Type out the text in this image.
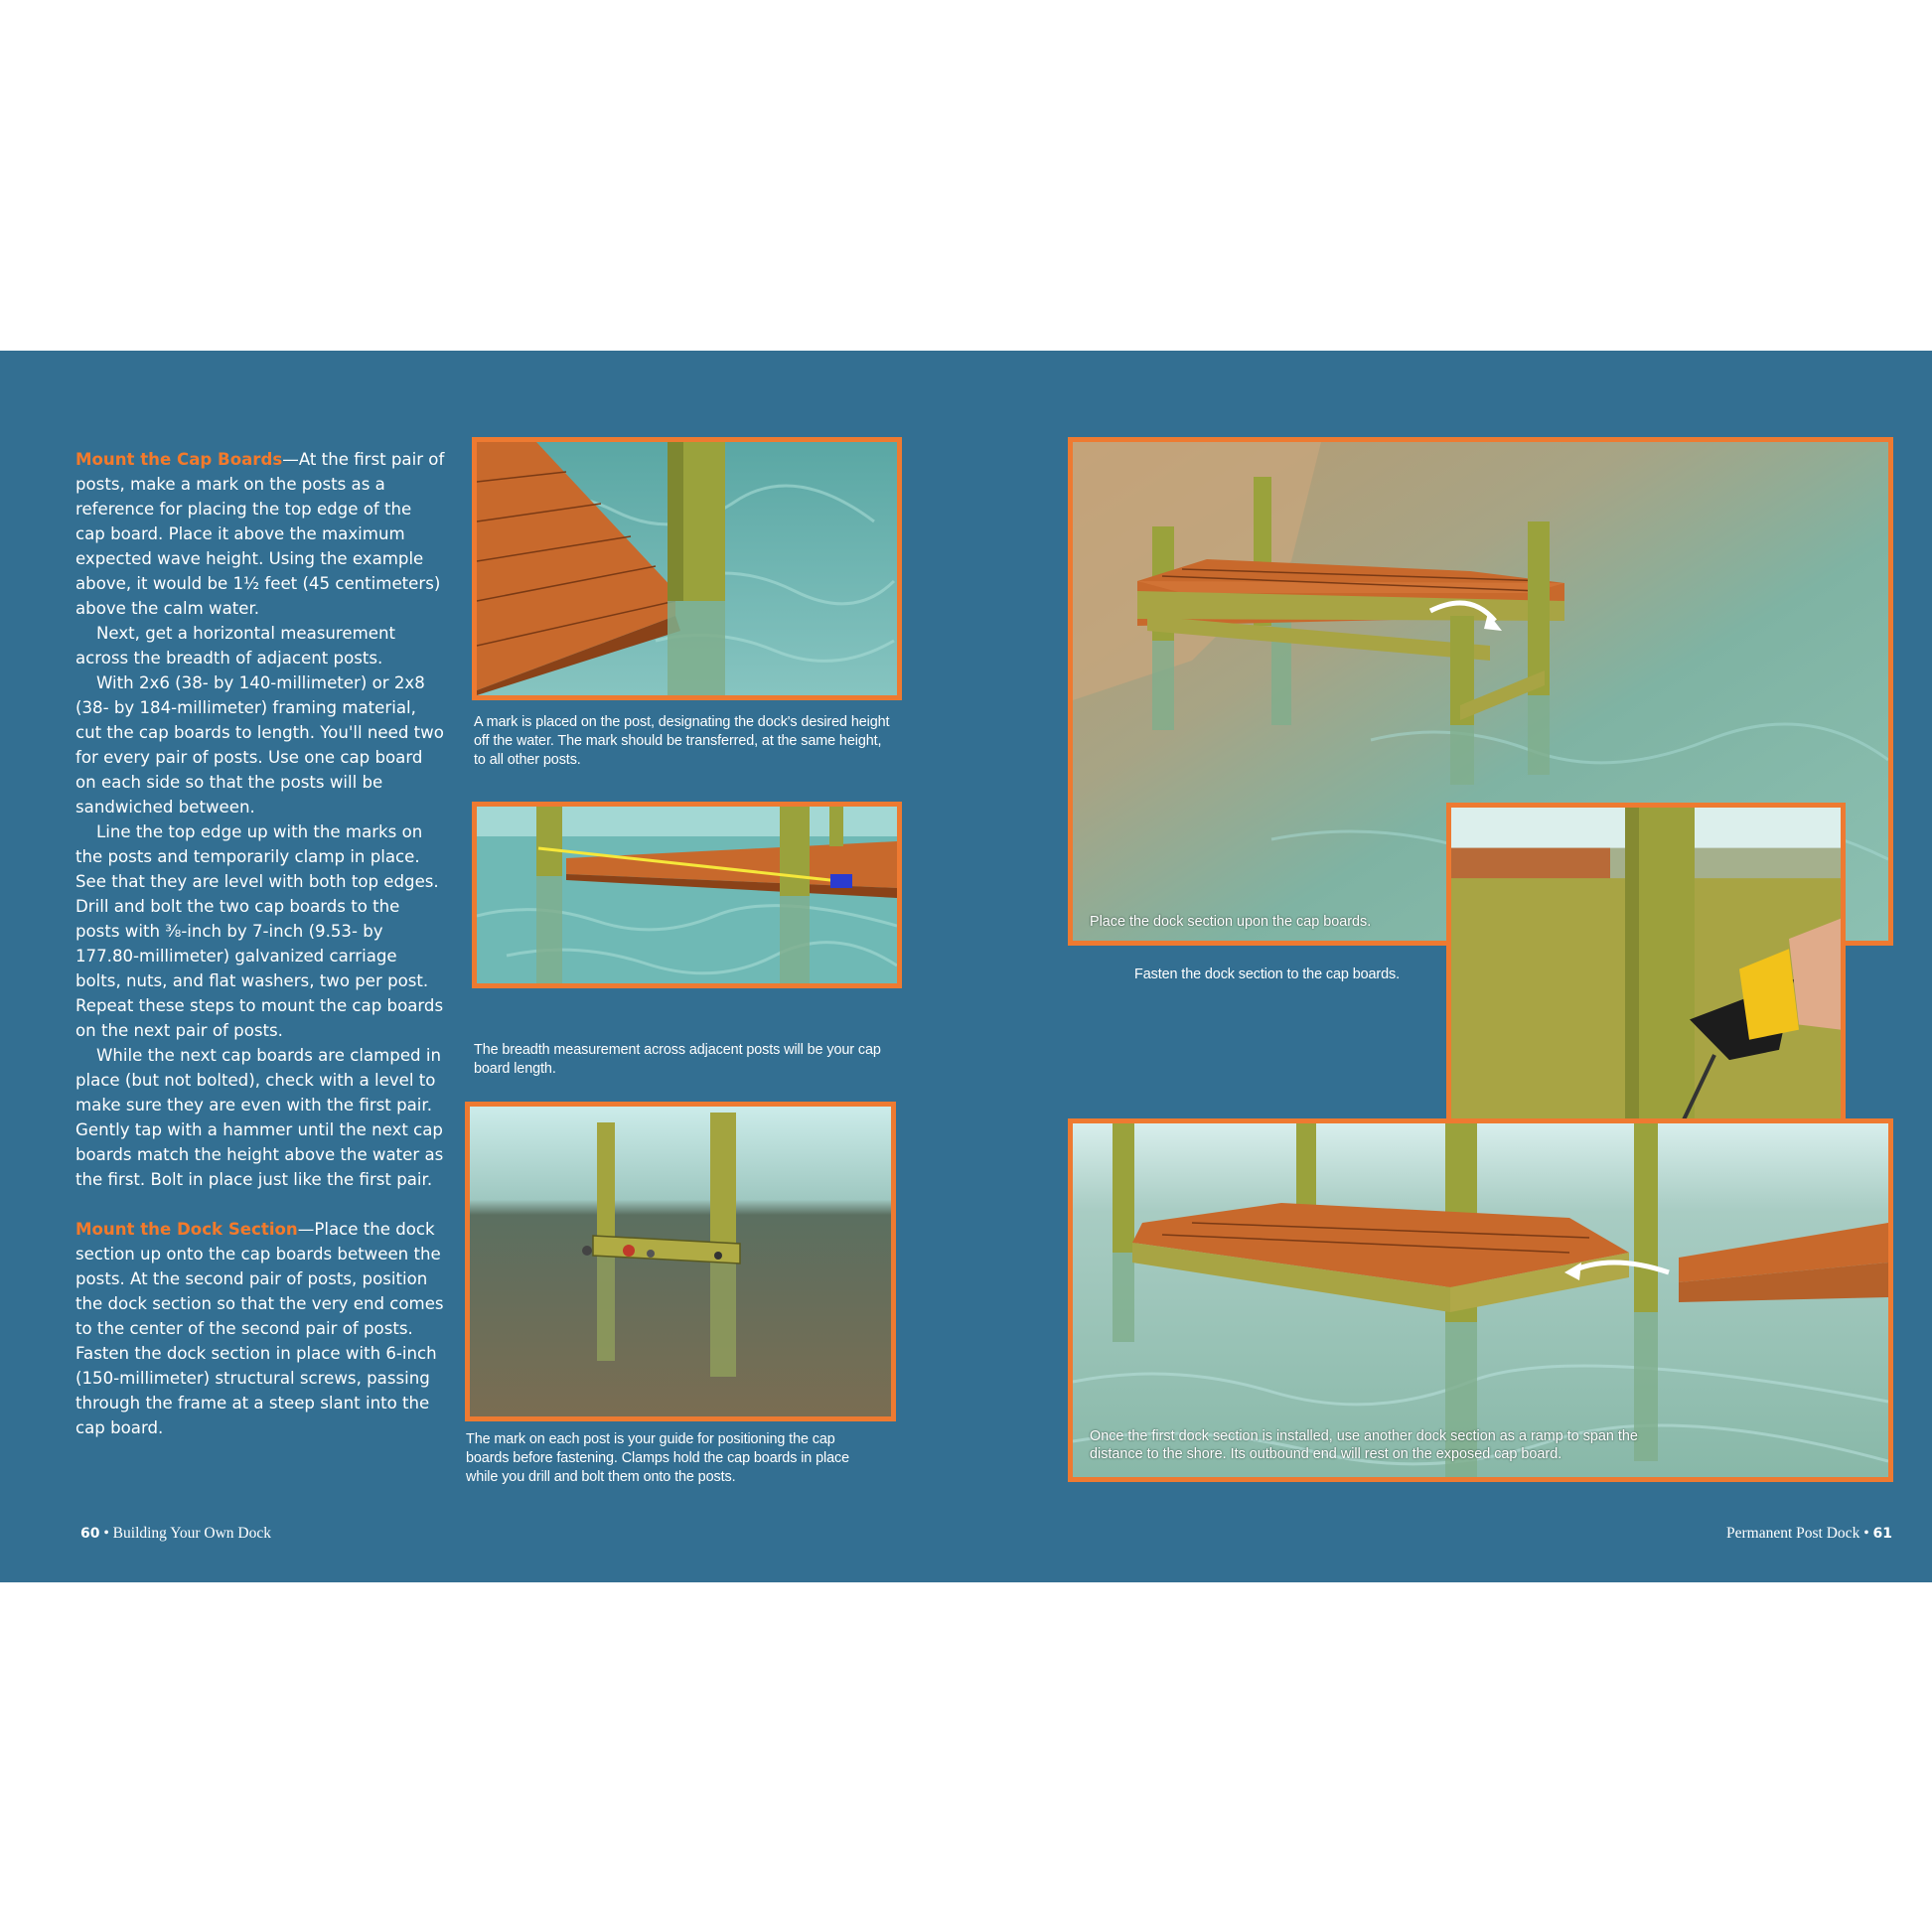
Mount the Cap Boards—At the first pair of posts, make a mark on the posts as a reference for placing the top edge of the cap board. Place it above the maximum expected wave height. Using the example above, it would be 1½ feet (45 centimeters) above the calm water.

Next, get a horizontal measurement across the breadth of adjacent posts.

With 2x6 (38- by 140-millimeter) or 2x8 (38- by 184-millimeter) framing material, cut the cap boards to length. You'll need two for every pair of posts. Use one cap board on each side so that the posts will be sandwiched between.

Line the top edge up with the marks on the posts and temporarily clamp in place. See that they are level with both top edges. Drill and bolt the two cap boards to the posts with ⅜-inch by 7-inch (9.53- by 177.80-millimeter) galvanized carriage bolts, nuts, and flat washers, two per post. Repeat these steps to mount the cap boards on the next pair of posts.

While the next cap boards are clamped in place (but not bolted), check with a level to make sure they are even with the first pair. Gently tap with a hammer until the next cap boards match the height above the water as the first. Bolt in place just like the first pair.

Mount the Dock Section—Place the dock section up onto the cap boards between the posts. At the second pair of posts, position the dock section so that the very end comes to the center of the second pair of posts. Fasten the dock section in place with 6-inch (150-millimeter) structural screws, passing through the frame at a steep slant into the cap board.

A mark is placed on the post, designating the dock's desired height off the water. The mark should be transferred, at the same height, to all other posts.
The breadth measurement across adjacent posts will be your cap board length.
The mark on each post is your guide for positioning the cap boards before fastening. Clamps hold the cap boards in place while you drill and bolt them onto the posts.
Place the dock section upon the cap boards.
Fasten the dock section to the cap boards.
Once the first dock section is installed, use another dock section as a ramp to span the distance to the shore. Its outbound end will rest on the exposed cap board.
60 • Building Your Own Dock	Permanent Post Dock • 61
